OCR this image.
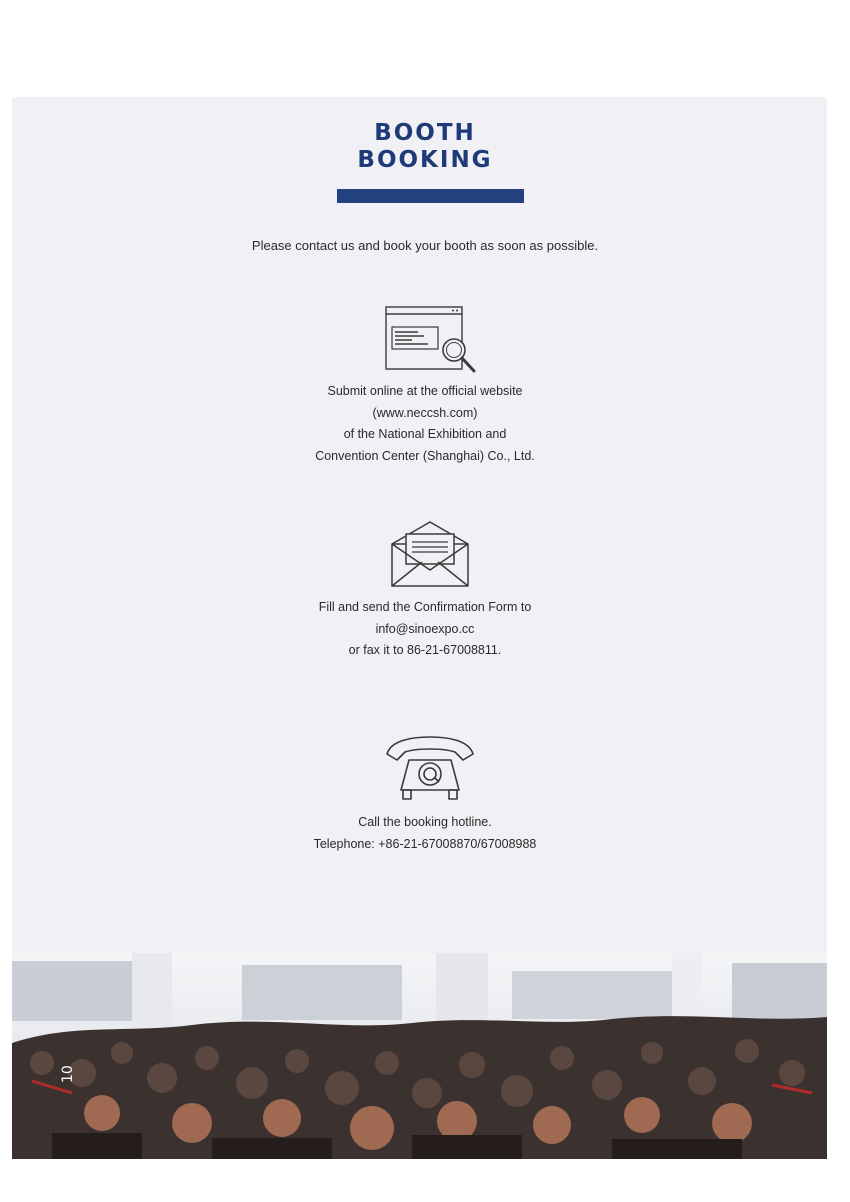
BOOTH
BOOKING
Please contact us and book your booth as soon as possible.
Submit online at the official website
(www.neccsh.com)
of the National Exhibition and
Convention Center (Shanghai) Co., Ltd.
Fill and send the Confirmation Form to
info@sinoexpo.cc
or fax it to 86-21-67008811.
Call the booking hotline.
Telephone: +86-21-67008870/67008988
10
